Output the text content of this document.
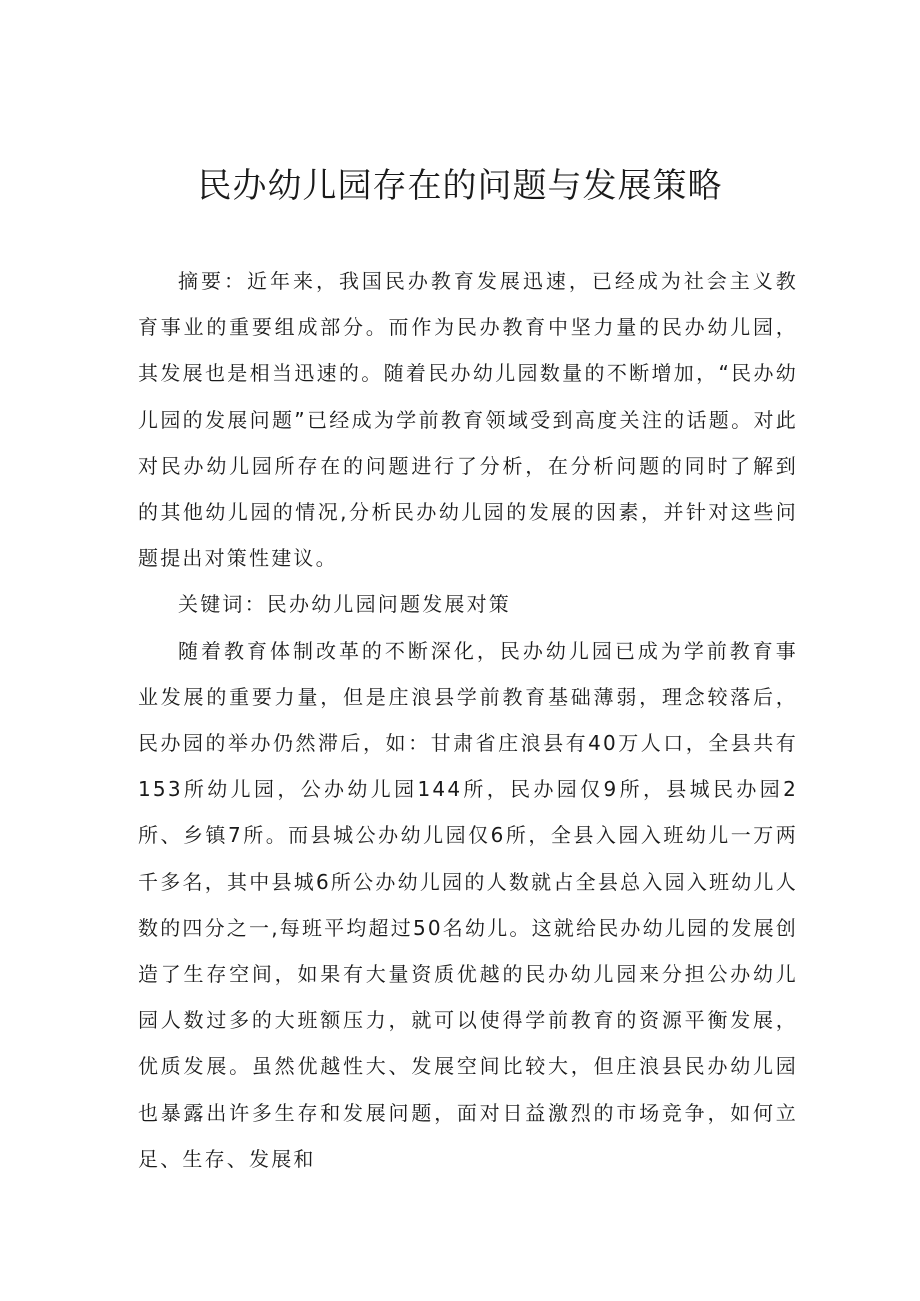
民办幼儿园存在的问题与发展策略

摘要：近年来，我国民办教育发展迅速，已经成为社会主义教育事业的重要组成部分。而作为民办教育中坚力量的民办幼儿园，其发展也是相当迅速的。随着民办幼儿园数量的不断增加，“民办幼儿园的发展问题”已经成为学前教育领域受到高度关注的话题。对此对民办幼儿园所存在的问题进行了分析，在分析问题的同时了解到的其他幼儿园的情况,分析民办幼儿园的发展的因素，并针对这些问题提出对策性建议。

关键词：民办幼儿园问题发展对策

随着教育体制改革的不断深化，民办幼儿园已成为学前教育事业发展的重要力量，但是庄浪县学前教育基础薄弱，理念较落后，民办园的举办仍然滞后，如：甘肃省庄浪县有40万人口，全县共有153所幼儿园，公办幼儿园144所，民办园仅9所，县城民办园2所、乡镇7所。而县城公办幼儿园仅6所，全县入园入班幼儿一万两千多名，其中县城6所公办幼儿园的人数就占全县总入园入班幼儿人数的四分之一,每班平均超过50名幼儿。这就给民办幼儿园的发展创造了生存空间，如果有大量资质优越的民办幼儿园来分担公办幼儿园人数过多的大班额压力，就可以使得学前教育的资源平衡发展，优质发展。虽然优越性大、发展空间比较大，但庄浪县民办幼儿园也暴露出许多生存和发展问题，面对日益激烈的市场竞争，如何立足、生存、发展和
